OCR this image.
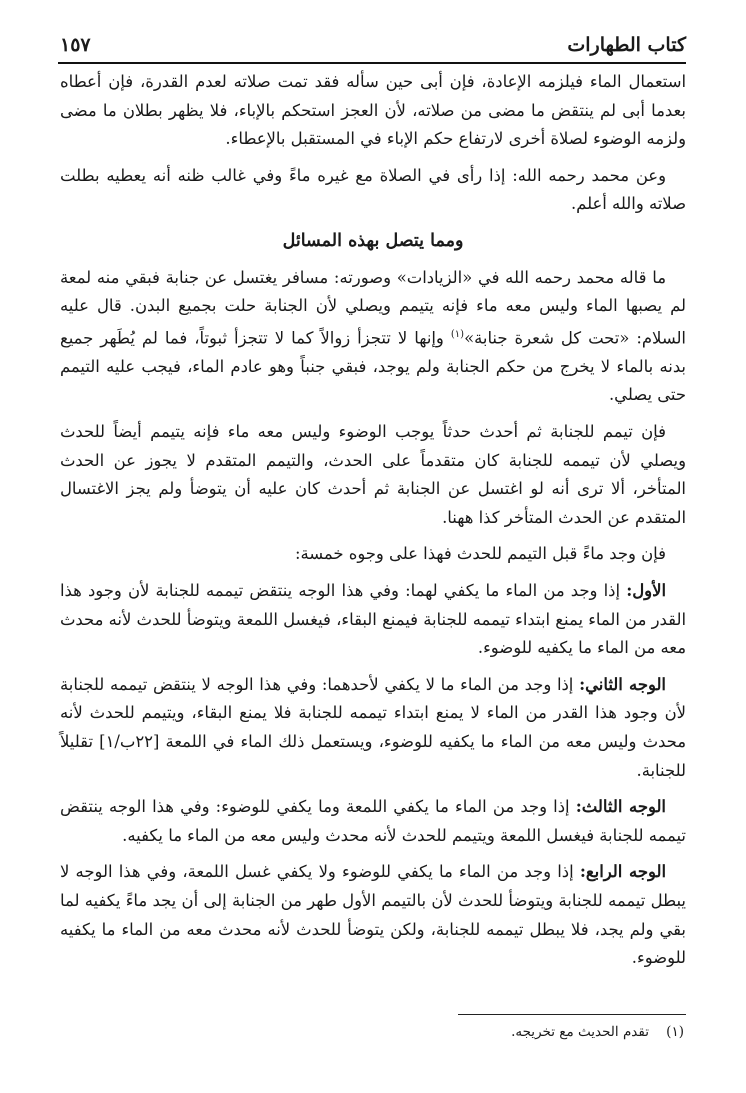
كتاب الطهارات
١٥٧

استعمال الماء فيلزمه الإعادة، فإن أبى حين سأله فقد تمت صلاته لعدم القدرة، فإن أعطاه بعدما أبى لم ينتقض ما مضى من صلاته، لأن العجز استحكم بالإباء، فلا يظهر بطلان ما مضى ولزمه الوضوء لصلاة أخرى لارتفاع حكم الإباء في المستقبل بالإعطاء.

وعن محمد رحمه الله: إذا رأى في الصلاة مع غيره ماءً وفي غالب ظنه أنه يعطيه بطلت صلاته والله أعلم.

ومما يتصل بهذه المسائل

ما قاله محمد رحمه الله في «الزيادات» وصورته: مسافر يغتسل عن جنابة فبقي منه لمعة لم يصبها الماء وليس معه ماء فإنه يتيمم ويصلي لأن الجنابة حلت بجميع البدن. قال عليه السلام: «تحت كل شعرة جنابة»$^{(١)}$ وإنها لا تتجزأ زوالاً كما لا تتجزأ ثبوتاً، فما لم يُطَهر جميع بدنه بالماء لا يخرج من حكم الجنابة ولم يوجد، فبقي جنباً وهو عادم الماء، فيجب عليه التيمم حتى يصلي.

فإن تيمم للجنابة ثم أحدث حدثاً يوجب الوضوء وليس معه ماء فإنه يتيمم أيضاً للحدث ويصلي لأن تيممه للجنابة كان متقدماً على الحدث، والتيمم المتقدم لا يجوز عن الحدث المتأخر، ألا ترى أنه لو اغتسل عن الجنابة ثم أحدث كان عليه أن يتوضأ ولم يجز الاغتسال المتقدم عن الحدث المتأخر كذا ههنا.

فإن وجد ماءً قبل التيمم للحدث فهذا على وجوه خمسة:

الأول: إذا وجد من الماء ما يكفي لهما: وفي هذا الوجه ينتقض تيممه للجنابة لأن وجود هذا القدر من الماء يمنع ابتداء تيممه للجنابة فيمنع البقاء، فيغسل اللمعة ويتوضأ للحدث لأنه محدث معه من الماء ما يكفيه للوضوء.

الوجه الثاني: إذا وجد من الماء ما لا يكفي لأحدهما: وفي هذا الوجه لا ينتقض تيممه للجنابة لأن وجود هذا القدر من الماء لا يمنع ابتداء تيممه للجنابة فلا يمنع البقاء، ويتيمم للحدث لأنه محدث وليس معه من الماء ما يكفيه للوضوء، ويستعمل ذلك الماء في اللمعة [٢٢ب/١] تقليلاً للجنابة.

الوجه الثالث: إذا وجد من الماء ما يكفي اللمعة وما يكفي للوضوء: وفي هذا الوجه ينتقض تيممه للجنابة فيغسل اللمعة ويتيمم للحدث لأنه محدث وليس معه من الماء ما يكفيه.

الوجه الرابع: إذا وجد من الماء ما يكفي للوضوء ولا يكفي غسل اللمعة، وفي هذا الوجه لا يبطل تيممه للجنابة ويتوضأ للحدث لأن بالتيمم الأول طهر من الجنابة إلى أن يجد ماءً يكفيه لما بقي ولم يجد، فلا يبطل تيممه للجنابة، ولكن يتوضأ للحدث لأنه محدث معه من الماء ما يكفيه للوضوء.

(١)    تقدم الحديث مع تخريجه.
